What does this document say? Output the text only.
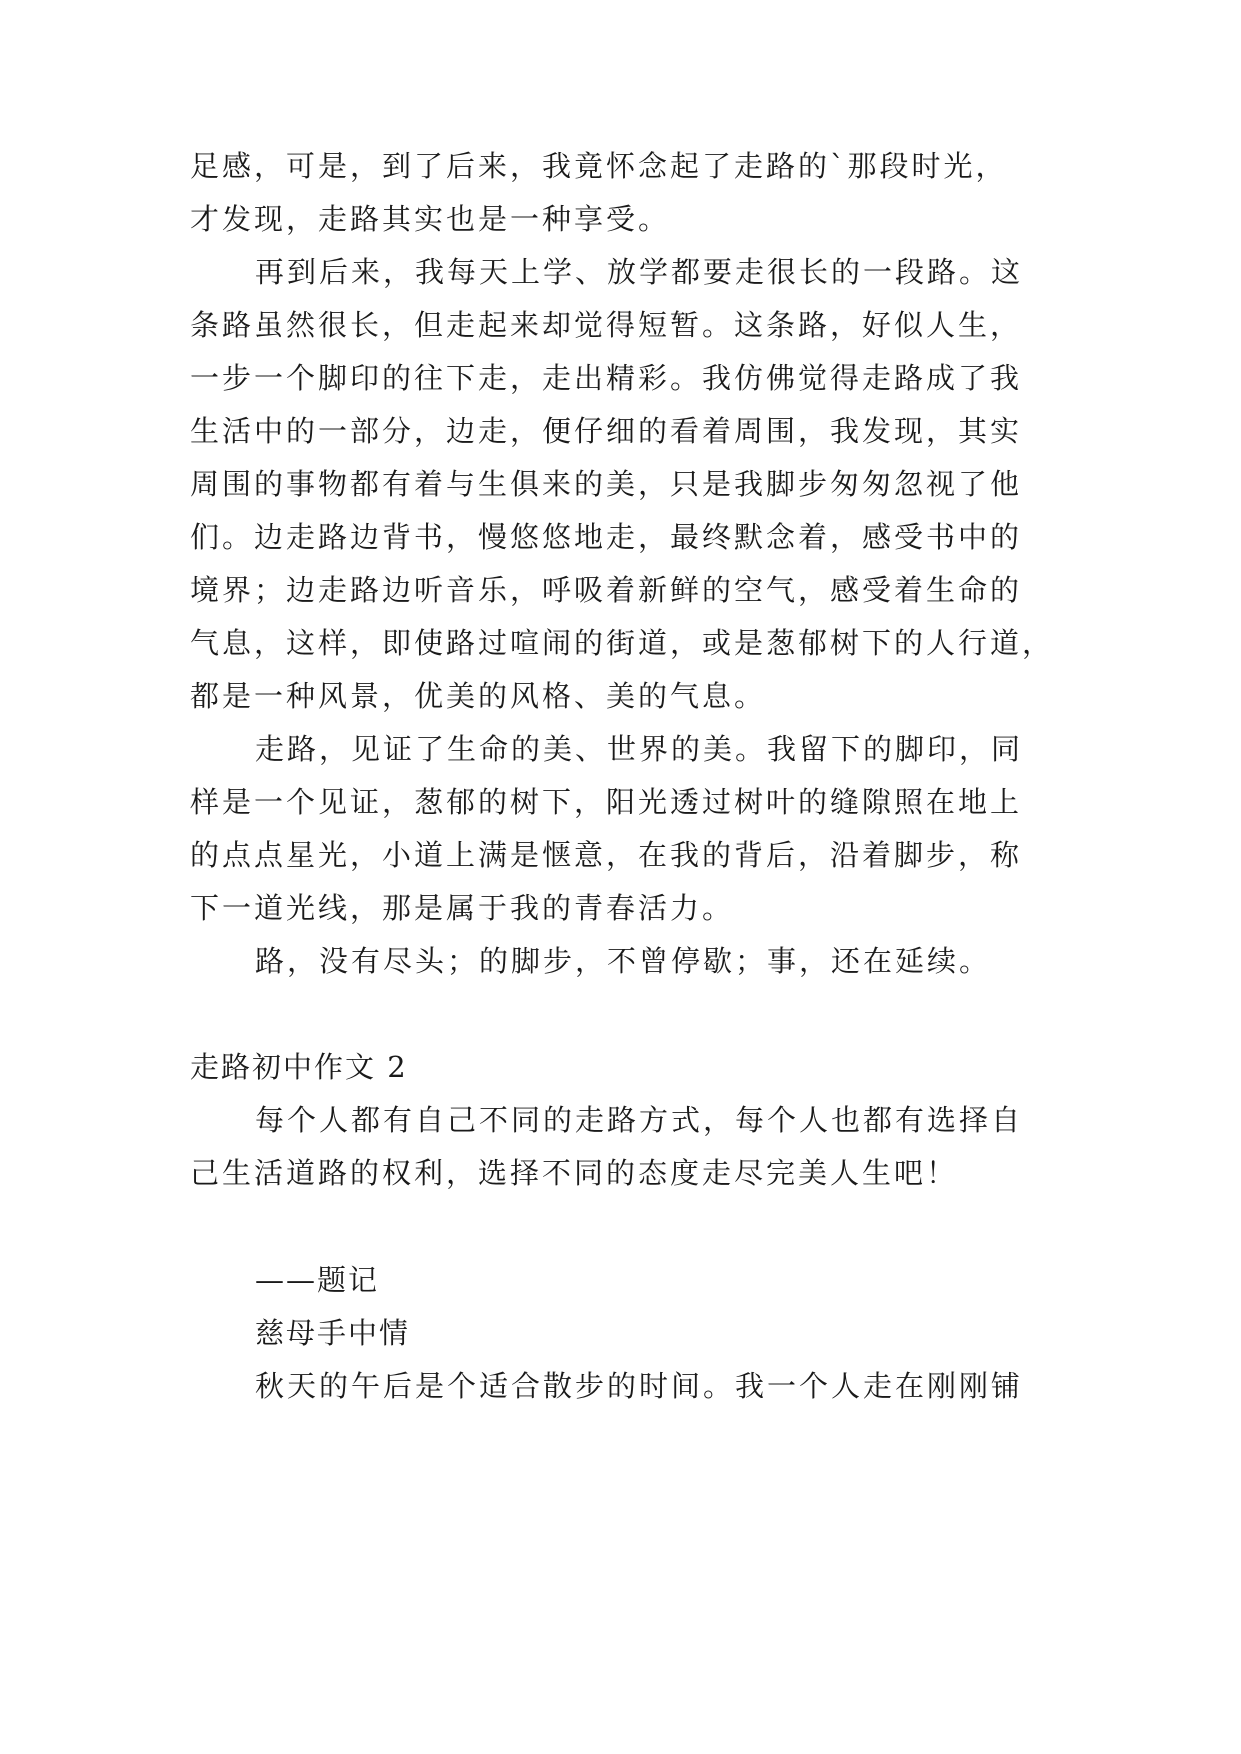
足感，可是，到了后来，我竟怀念起了走路的`那段时光，
才发现，走路其实也是一种享受。
再到后来，我每天上学、放学都要走很长的一段路。这
条路虽然很长，但走起来却觉得短暂。这条路，好似人生，
一步一个脚印的往下走，走出精彩。我仿佛觉得走路成了我
生活中的一部分，边走，便仔细的看着周围，我发现，其实
周围的事物都有着与生俱来的美，只是我脚步匆匆忽视了他
们。边走路边背书，慢悠悠地走，最终默念着，感受书中的
境界；边走路边听音乐，呼吸着新鲜的空气，感受着生命的
气息，这样，即使路过喧闹的街道，或是葱郁树下的人行道，
都是一种风景，优美的风格、美的气息。
走路，见证了生命的美、世界的美。我留下的脚印，同
样是一个见证，葱郁的树下，阳光透过树叶的缝隙照在地上
的点点星光，小道上满是惬意，在我的背后，沿着脚步，称
下一道光线，那是属于我的青春活力。
路，没有尽头；的脚步，不曾停歇；事，还在延续。
走路初中作文 2
每个人都有自己不同的走路方式，每个人也都有选择自
己生活道路的权利，选择不同的态度走尽完美人生吧！
——题记
慈母手中情
秋天的午后是个适合散步的时间。我一个人走在刚刚铺
